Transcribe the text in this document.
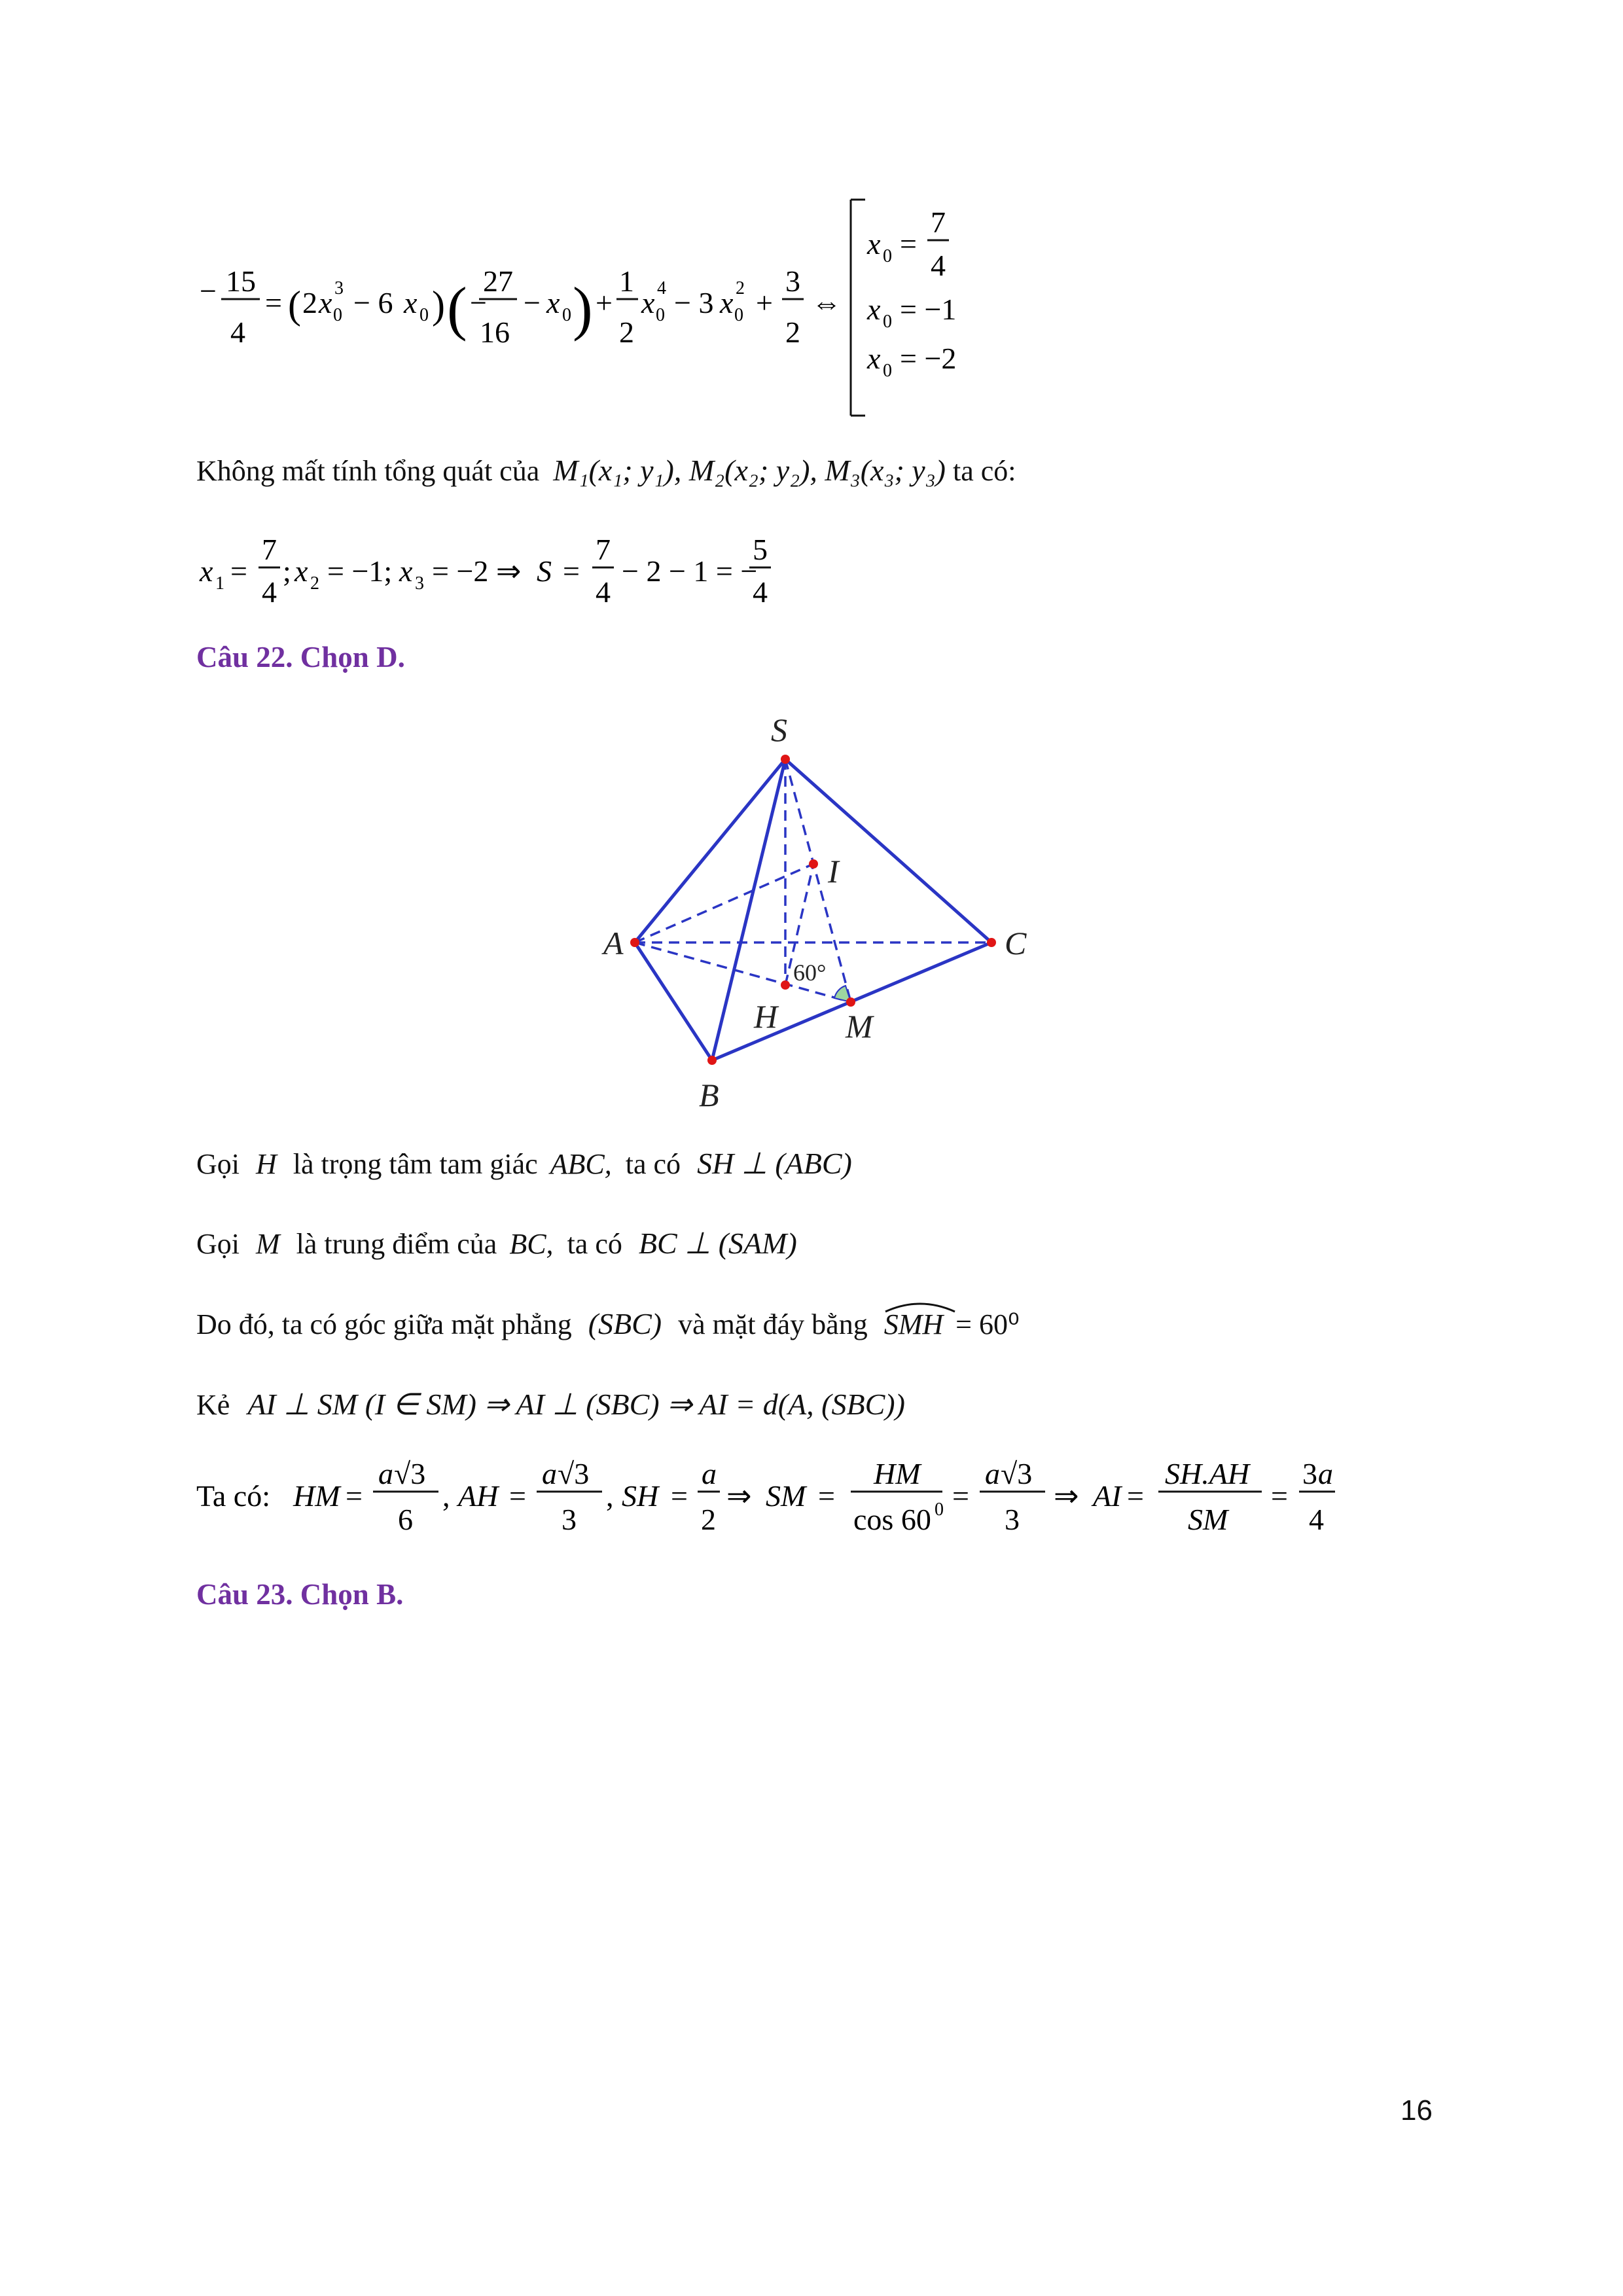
− 15
4
= ( 2 x 3
0 − 6 x 0 ) ( −
27
16
− x 0 ) +
1
2
x 4
0 − 3 x 2
0 +
3
2
⇔
x 0 =
7
4
x 0 = −1
x 0 = −2
Không mất tính tổng quát của M₁(x₁; y₁), M₂(x₂; y₂), M₃(x₃; y₃) ta có:
x 1 =
7
4
; x 2 = −1; x 3 = −2 ⇒ S =
7
4
− 2 − 1 = −
5
4
Câu 22. Chọn D.
S
A	C
B
H M
I
60°
Gọi H là trọng tâm tam giác ABC, ta có SH ⊥ (ABC)
Gọi M là trung điểm của BC, ta có BC ⊥ (SAM)
Do đó, ta có góc giữa mặt phẳng (SBC) và mặt đáy bằng SMH = 60⁰
Kẻ AI ⊥ SM (I ∈ SM) ⇒ AI ⊥ (SBC) ⇒ AI = d(A, (SBC))
Ta có: HM =
a √3
6
, AH =
a √3
3
, SH =
a
2
⇒ SM =
HM
cos 60 0 =
a √3
3
⇒ AI =
SH.AH
SM
=
3 a
4
Câu 23. Chọn B.
16
